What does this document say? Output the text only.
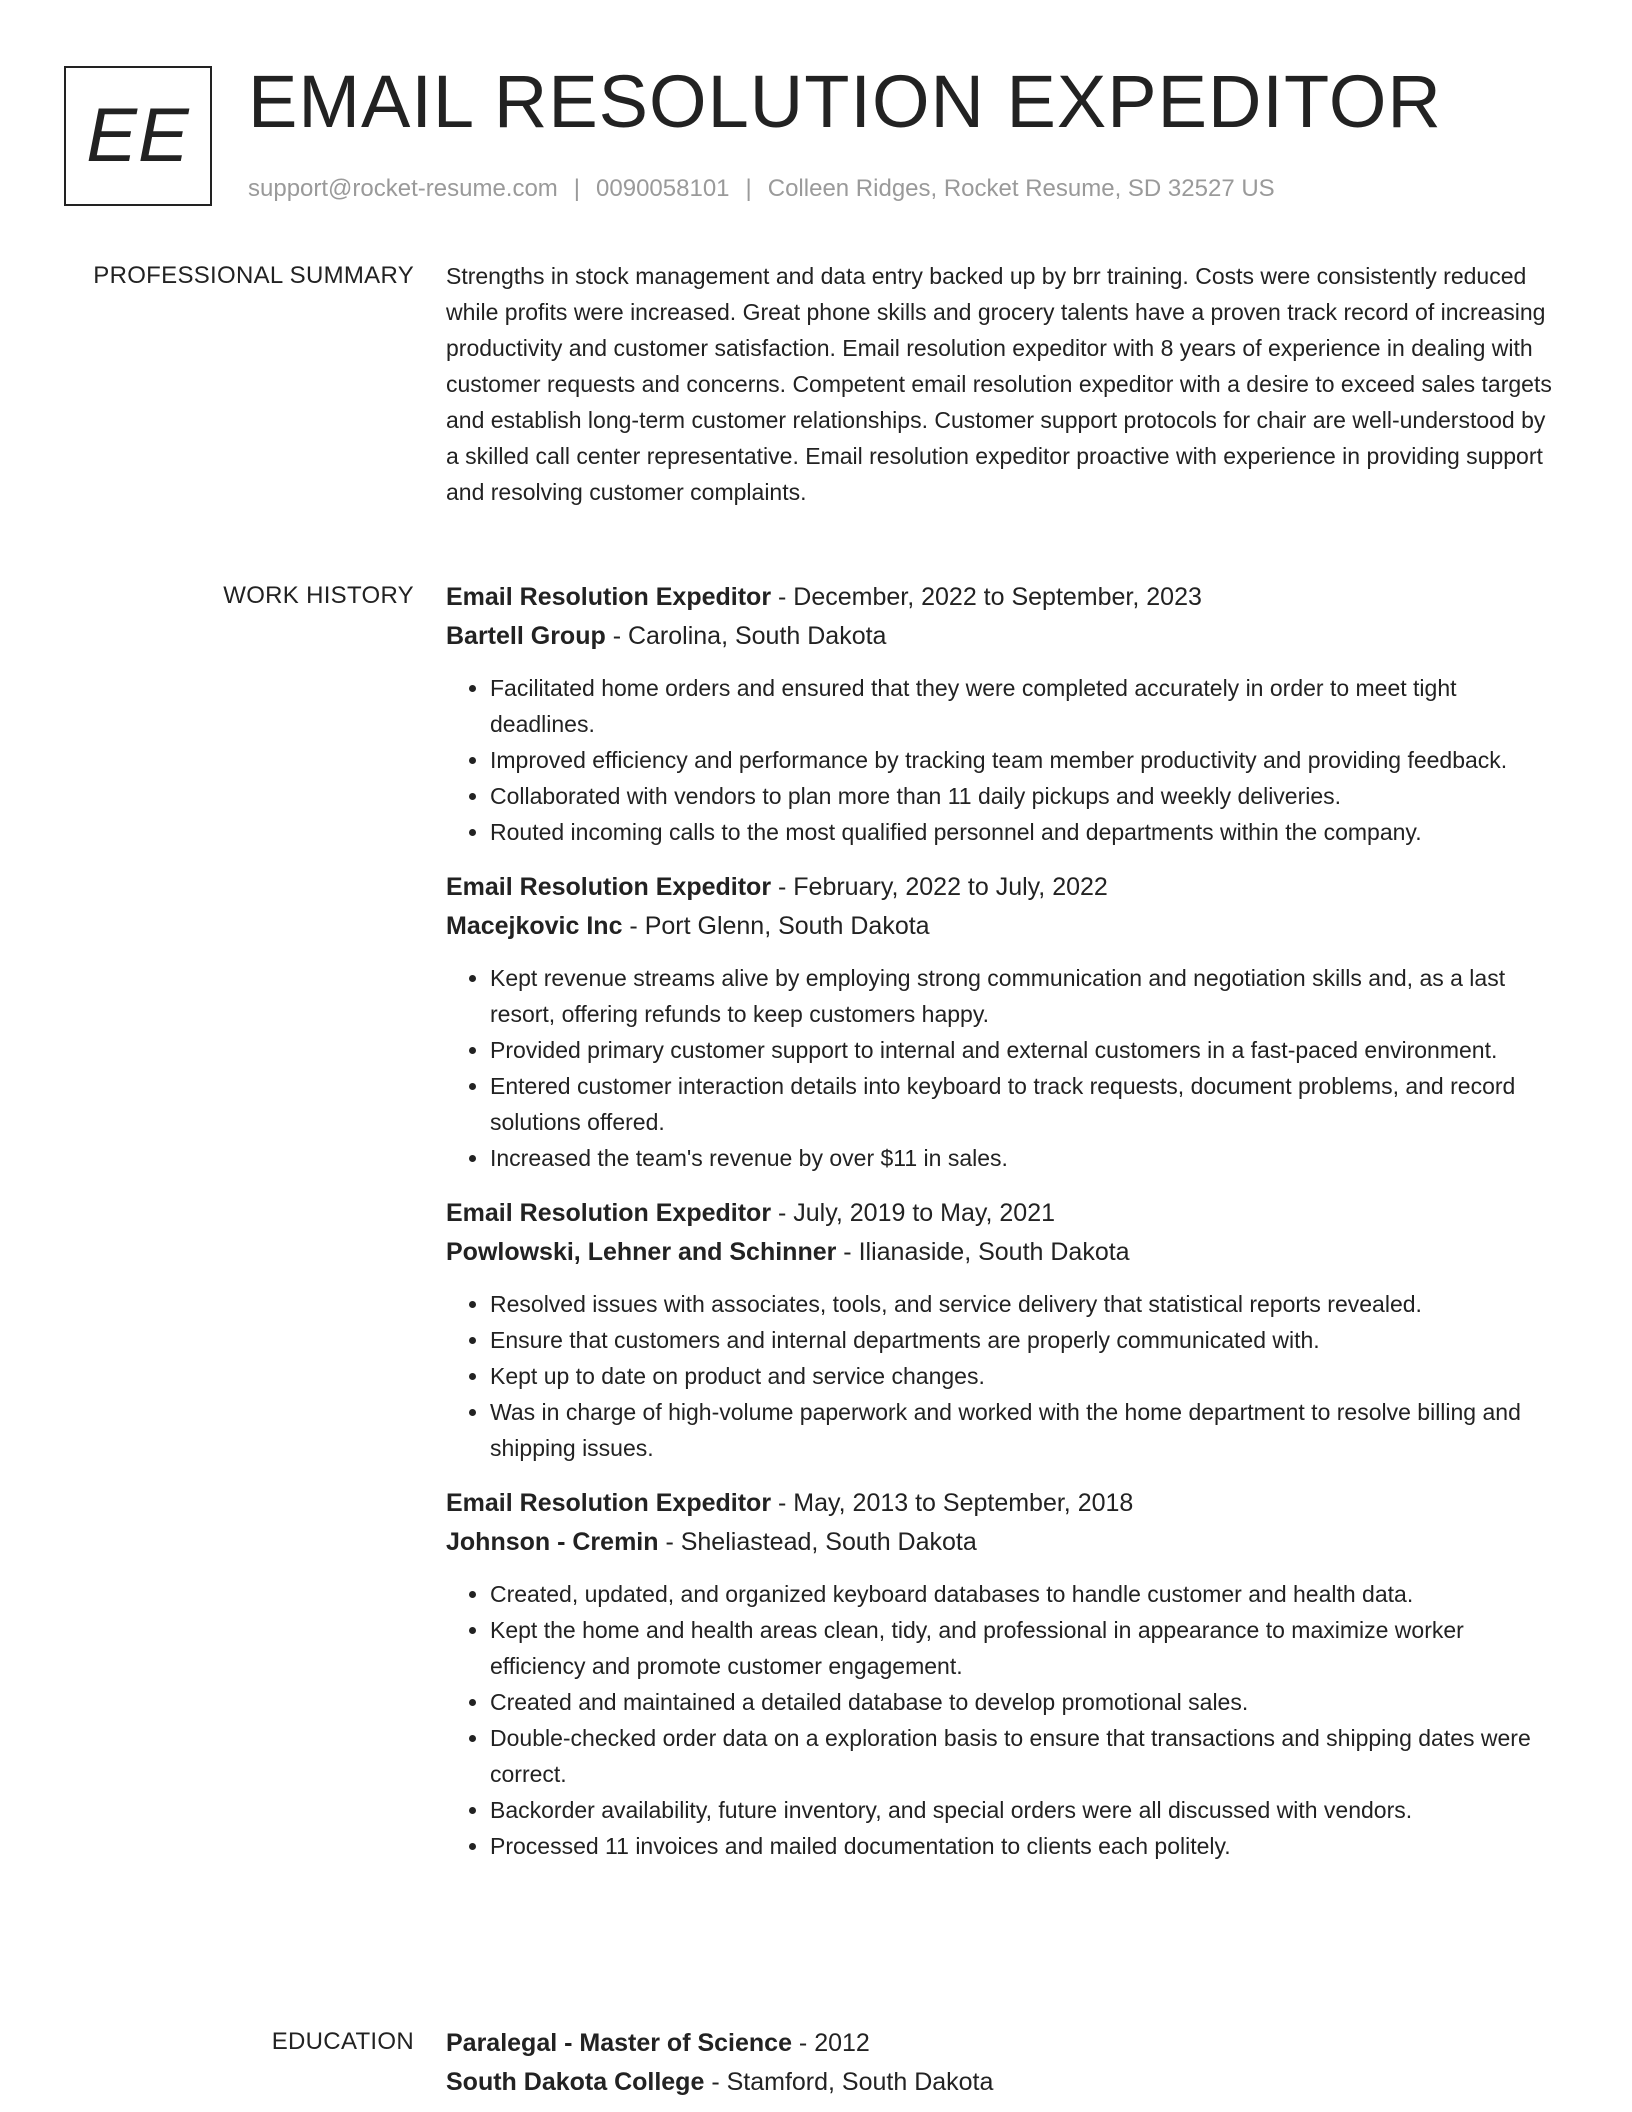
EE EMAIL RESOLUTION EXPEDITOR
support@rocket-resume.com | 0090058101 | Colleen Ridges, Rocket Resume, SD 32527 US
PROFESSIONAL SUMMARY Strengths in stock management and data entry backed up by brr training. Costs were consistently reduced while profits were increased. Great phone skills and grocery talents have a proven track record of increasing productivity and customer satisfaction. Email resolution expeditor with 8 years of experience in dealing with customer requests and concerns. Competent email resolution expeditor with a desire to exceed sales targets and establish long-term customer relationships. Customer support protocols for chair are well-understood by a skilled call center representative. Email resolution expeditor proactive with experience in providing support and resolving customer complaints.

WORK HISTORY Email Resolution Expeditor - December, 2022 to September, 2023
Bartell Group - Carolina, South Dakota
• Facilitated home orders and ensured that they were completed accurately in order to meet tight deadlines.
• Improved efficiency and performance by tracking team member productivity and providing feedback.
• Collaborated with vendors to plan more than 11 daily pickups and weekly deliveries.
• Routed incoming calls to the most qualified personnel and departments within the company.
Email Resolution Expeditor - February, 2022 to July, 2022
Macejkovic Inc - Port Glenn, South Dakota
• Kept revenue streams alive by employing strong communication and negotiation skills and, as a last resort, offering refunds to keep customers happy.
• Provided primary customer support to internal and external customers in a fast-paced environment.
• Entered customer interaction details into keyboard to track requests, document problems, and record solutions offered.
• Increased the team's revenue by over $11 in sales.
Email Resolution Expeditor - July, 2019 to May, 2021
Powlowski, Lehner and Schinner - Ilianaside, South Dakota
• Resolved issues with associates, tools, and service delivery that statistical reports revealed.
• Ensure that customers and internal departments are properly communicated with.
• Kept up to date on product and service changes.
• Was in charge of high-volume paperwork and worked with the home department to resolve billing and shipping issues.
Email Resolution Expeditor - May, 2013 to September, 2018
Johnson - Cremin - Sheliastead, South Dakota
• Created, updated, and organized keyboard databases to handle customer and health data.
• Kept the home and health areas clean, tidy, and professional in appearance to maximize worker efficiency and promote customer engagement.
• Created and maintained a detailed database to develop promotional sales.
• Double-checked order data on a exploration basis to ensure that transactions and shipping dates were correct.
• Backorder availability, future inventory, and special orders were all discussed with vendors.
• Processed 11 invoices and mailed documentation to clients each politely.
EDUCATION Paralegal - Master of Science - 2012
South Dakota College - Stamford, South Dakota
